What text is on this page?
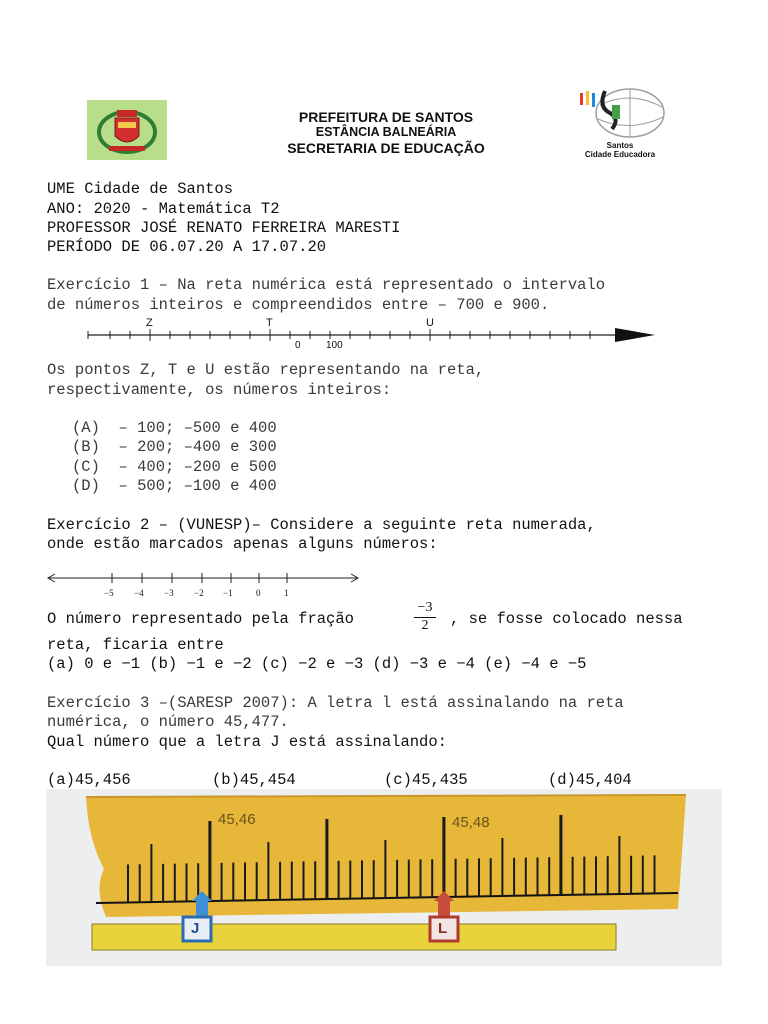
PREFEITURA DE SANTOS
ESTÂNCIA BALNEÁRIA
SECRETARIA DE EDUCAÇÃO	Santos
Cidade Educadora
UME Cidade de Santos
ANO: 2020 - Matemática T2
PROFESSOR JOSÉ RENATO FERREIRA MARESTI
PERÍODO DE 06.07.20 A 17.07.20
Exercício 1 – Na reta numérica está representado o intervalo
de números inteiros e compreendidos entre – 700 e 900.
Z	T	U
0	100
Os pontos Z, T e U estão representando na reta,
respectivamente, os números inteiros:
(A)  – 100; –500 e 400
(B)  – 200; –400 e 300
(C)  – 400; –200 e 500
(D)  – 500; –100 e 400
Exercício 2 – (VUNESP)– Considere a seguinte reta numerada,
onde estão marcados apenas alguns números:
−5 −4 −3 −2 −1	0	1
O número representado pela fração
−3
2	, se fosse colocado nessa
reta, ficaria entre
(a) 0 e −1 (b) −1 e −2 (c) −2 e −3 (d) −3 e −4 (e) −4 e −5
Exercício 3 –(SARESP 2007): A letra l está assinalando na reta
numérica, o número 45,477.
Qual número que a letra J está assinalando:
(a)45,456	(b)45,454	(c)45,435	(d)45,404
45,46	45,48
J	L
